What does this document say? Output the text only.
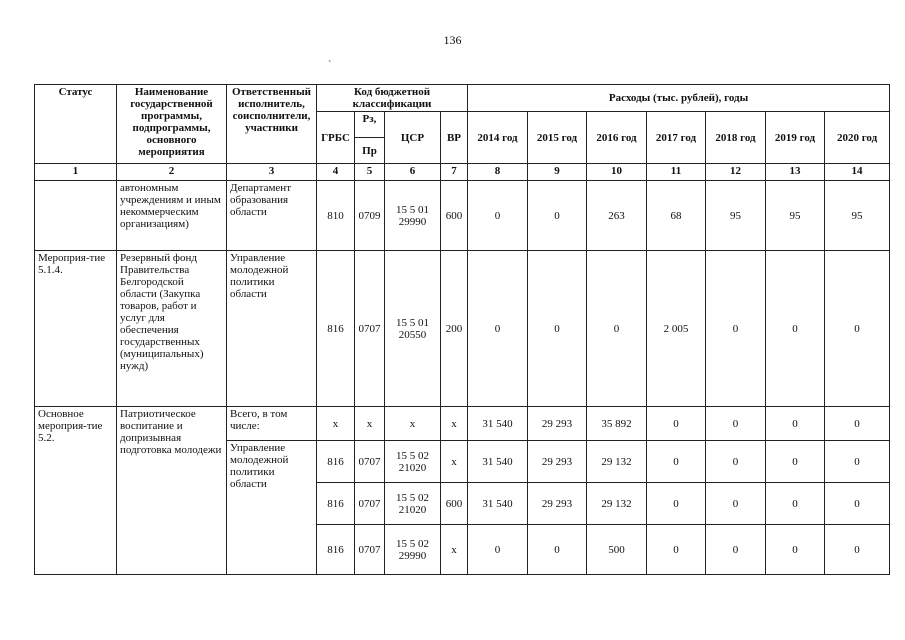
136
`
Статус	Наименование государственной программы, подпрограммы, основного мероприятия	Ответственный исполнитель, соисполнители, участники	Код бюджетной классификации				Расходы (тыс. рублей), годы						
			ГРБС	Рз,	ЦСР	ВР	2014 год	2015 год	2016 год	2017 год	2018 год	2019 год	2020 год
				Пр									
1	2	3	4	5	6	7	8	9	10	11	12	13	14
	автономным учреждениям и иным некоммерческим организациям)	Департамент образования области	810	0709	15 5 01 29990	600	0	0	263	68	95	95	95
Мероприя-тие 5.1.4.	Резервный фонд Правительства Белгородской области (Закупка товаров, работ и услуг для обеспечения государственных (муниципальных) нужд)	Управление молодежной политики области	816	0707	15 5 01 20550	200	0	0	0	2 005	0	0	0
Основное мероприя-тие 5.2.	Патриотическое воспитание и допризывная подготовка молодежи	Всего, в том числе:	x	x	x	x	31 540	29 293	35 892	0	0	0	0
		Управление молодежной политики области	816	0707	15 5 02 21020	x	31 540	29 293	29 132	0	0	0	0
			816	0707	15 5 02 21020	600	31 540	29 293	29 132	0	0	0	0
			816	0707	15 5 02 29990	x	0	0	500	0	0	0	0
